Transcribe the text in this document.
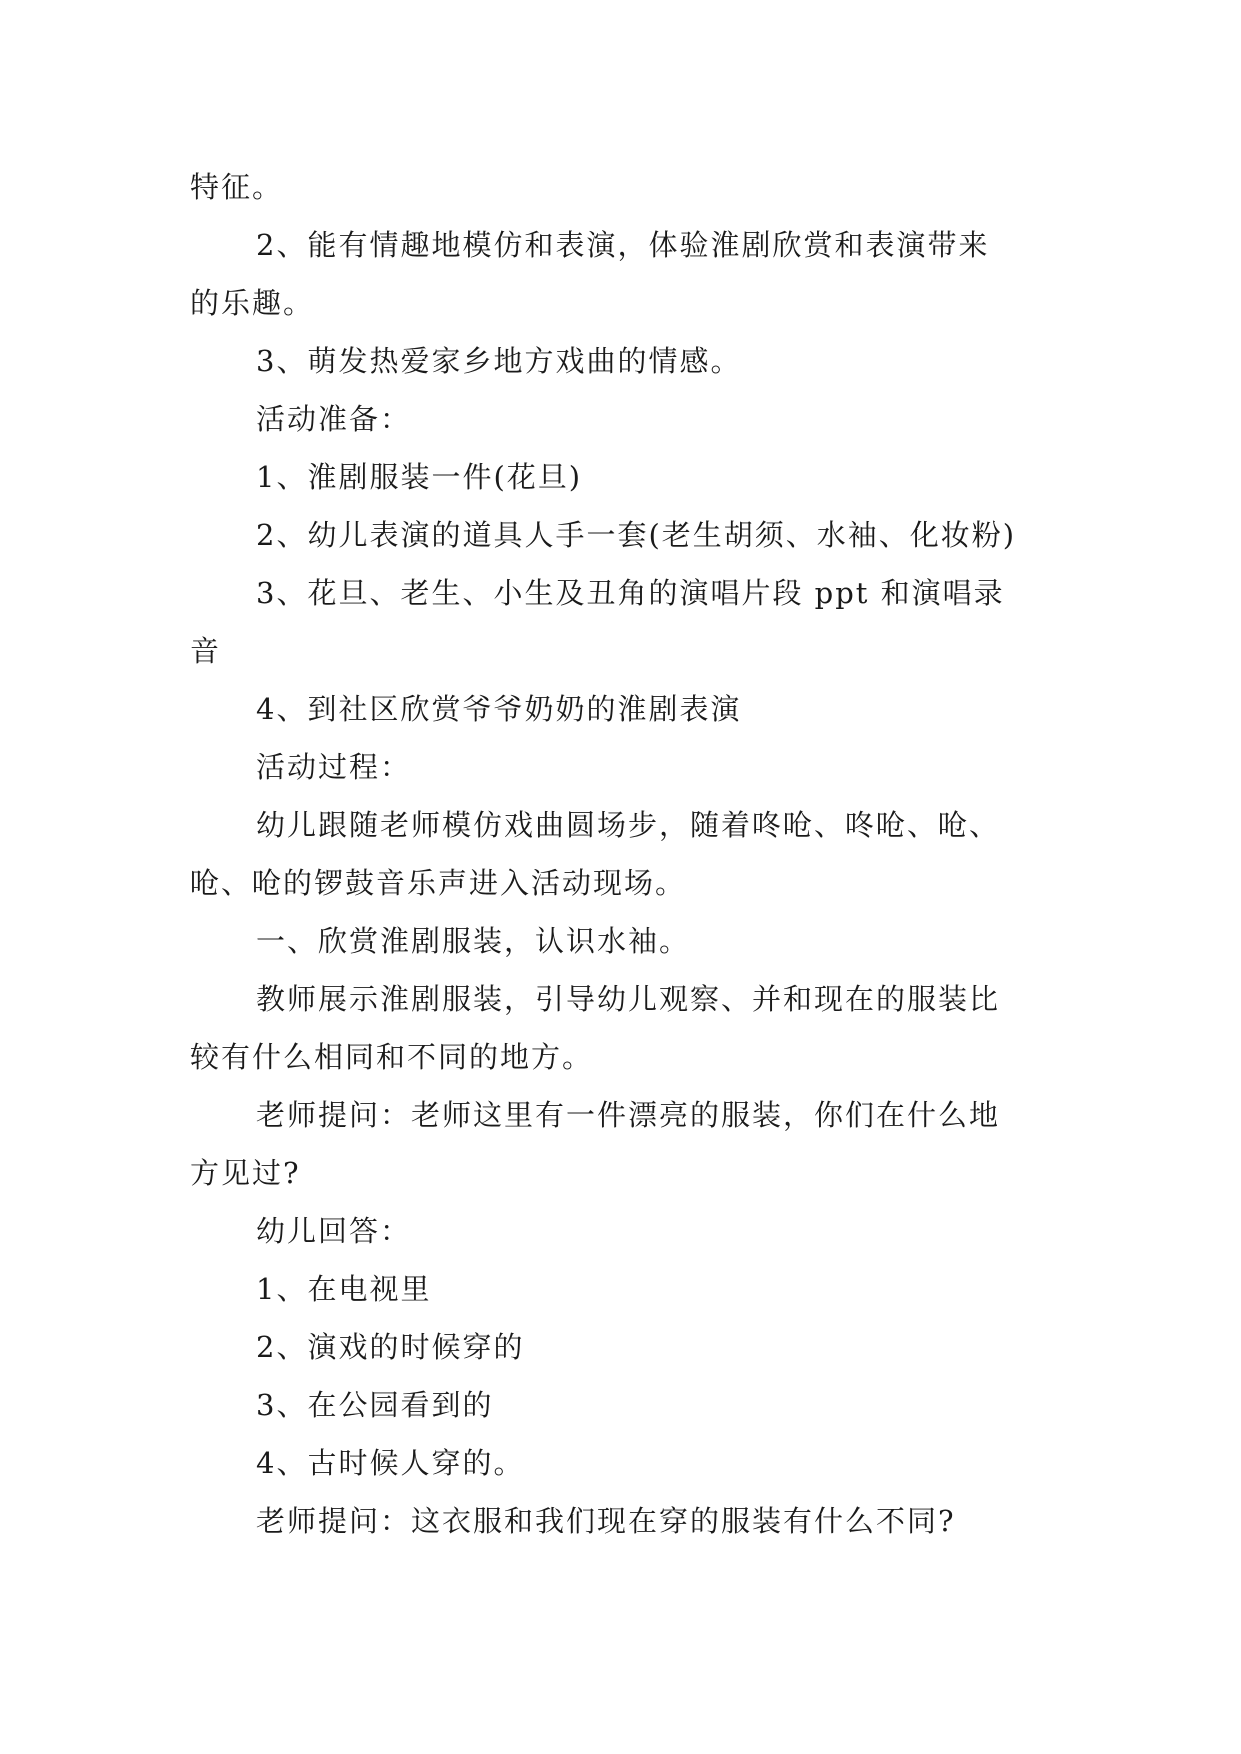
特征。
2、能有情趣地模仿和表演，体验淮剧欣赏和表演带来
的乐趣。
3、萌发热爱家乡地方戏曲的情感。
活动准备：
1、淮剧服装一件(花旦)
2、幼儿表演的道具人手一套(老生胡须、水袖、化妆粉)
3、花旦、老生、小生及丑角的演唱片段 ppt 和演唱录
音
4、到社区欣赏爷爷奶奶的淮剧表演
活动过程：
幼儿跟随老师模仿戏曲圆场步，随着咚呛、咚呛、呛、
呛、呛的锣鼓音乐声进入活动现场。
一、欣赏淮剧服装，认识水袖。
教师展示淮剧服装，引导幼儿观察、并和现在的服装比
较有什么相同和不同的地方。
老师提问：老师这里有一件漂亮的服装，你们在什么地
方见过?
幼儿回答：
1、在电视里
2、演戏的时候穿的
3、在公园看到的
4、古时候人穿的。
老师提问：这衣服和我们现在穿的服装有什么不同?
